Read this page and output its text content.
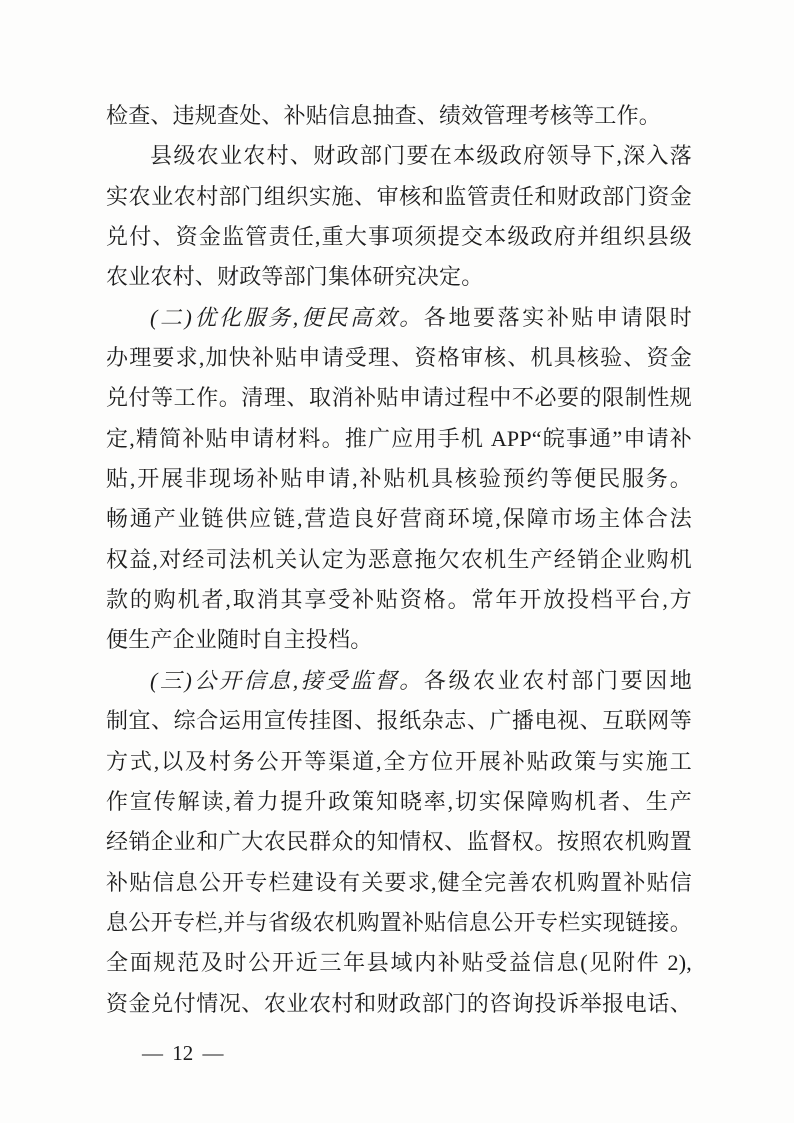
检查、违规查处、补贴信息抽查、绩效管理考核等工作。
县级农业农村、财政部门要在本级政府领导下,深入落
实农业农村部门组织实施、审核和监管责任和财政部门资金
兑付、资金监管责任,重大事项须提交本级政府并组织县级
农业农村、财政等部门集体研究决定。
(二)优化服务,便民高效。各地要落实补贴申请限时
办理要求,加快补贴申请受理、资格审核、机具核验、资金
兑付等工作。清理、取消补贴申请过程中不必要的限制性规
定,精简补贴申请材料。推广应用手机 APP“皖事通”申请补
贴,开展非现场补贴申请,补贴机具核验预约等便民服务。
畅通产业链供应链,营造良好营商环境,保障市场主体合法
权益,对经司法机关认定为恶意拖欠农机生产经销企业购机
款的购机者,取消其享受补贴资格。常年开放投档平台,方
便生产企业随时自主投档。
(三)公开信息,接受监督。各级农业农村部门要因地
制宜、综合运用宣传挂图、报纸杂志、广播电视、互联网等
方式,以及村务公开等渠道,全方位开展补贴政策与实施工
作宣传解读,着力提升政策知晓率,切实保障购机者、生产
经销企业和广大农民群众的知情权、监督权。按照农机购置
补贴信息公开专栏建设有关要求,健全完善农机购置补贴信
息公开专栏,并与省级农机购置补贴信息公开专栏实现链接。
全面规范及时公开近三年县域内补贴受益信息(见附件 2),
资金兑付情况、农业农村和财政部门的咨询投诉举报电话、
— 12 —
